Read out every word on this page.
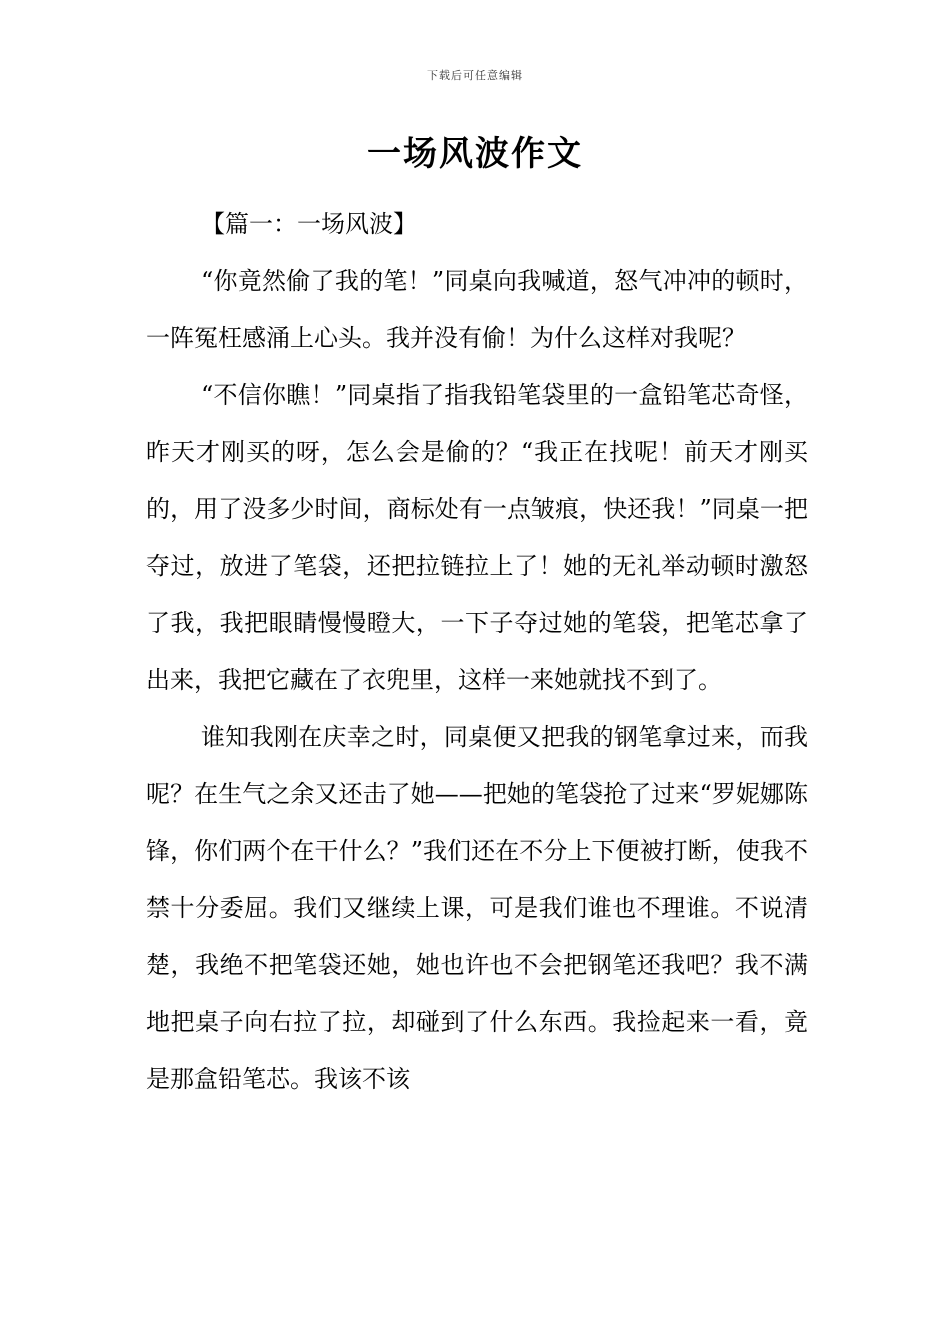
下载后可任意编辑
一场风波作文

【篇一：一场风波】

“你竟然偷了我的笔！”同桌向我喊道，怒气冲冲的顿时，一阵冤枉感涌上心头。我并没有偷！为什么这样对我呢？

“不信你瞧！”同桌指了指我铅笔袋里的一盒铅笔芯奇怪，昨天才刚买的呀，怎么会是偷的？“我正在找呢！前天才刚买的，用了没多少时间，商标处有一点皱痕，快还我！”同桌一把夺过，放进了笔袋，还把拉链拉上了！她的无礼举动顿时激怒了我，我把眼睛慢慢瞪大，一下子夺过她的笔袋，把笔芯拿了出来，我把它藏在了衣兜里，这样一来她就找不到了。

谁知我刚在庆幸之时，同桌便又把我的钢笔拿过来，而我呢？在生气之余又还击了她——把她的笔袋抢了过来“罗妮娜陈锋，你们两个在干什么？”我们还在不分上下便被打断，使我不禁十分委屈。我们又继续上课，可是我们谁也不理谁。不说清楚，我绝不把笔袋还她，她也许也不会把钢笔还我吧？我不满地把桌子向右拉了拉，却碰到了什么东西。我捡起来一看，竟是那盒铅笔芯。我该不该
